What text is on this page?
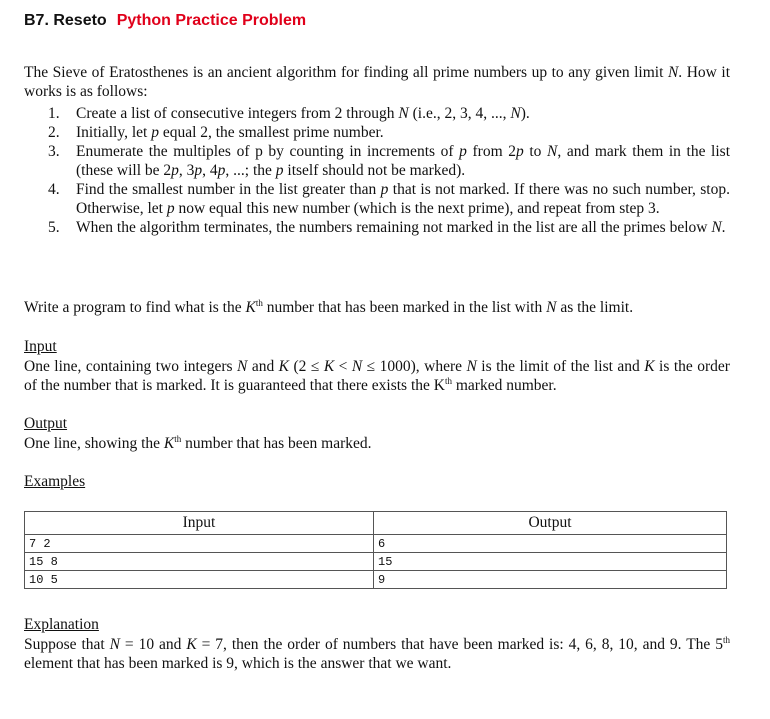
B7. Reseto Python Practice Problem
The Sieve of Eratosthenes is an ancient algorithm for finding all prime numbers up to any given limit N. How it works is as follows:
1. Create a list of consecutive integers from 2 through N (i.e., 2, 3, 4, ..., N).
2. Initially, let p equal 2, the smallest prime number.
3. Enumerate the multiples of p by counting in increments of p from 2p to N, and mark them in the list (these will be 2p, 3p, 4p, ...; the p itself should not be marked).
4. Find the smallest number in the list greater than p that is not marked. If there was no such number, stop. Otherwise, let p now equal this new number (which is the next prime), and repeat from step 3.
5. When the algorithm terminates, the numbers remaining not marked in the list are all the primes below N.
Write a program to find what is the $K^{th}$ number that has been marked in the list with N as the limit.
Input
One line, containing two integers N and K (2 ≤ K < N ≤ 1000), where N is the limit of the list and K is the order of the number that is marked. It is guaranteed that there exists the $K^{th}$ marked number.
Output
One line, showing the $K^{th}$ number that has been marked.
Examples
Input	Output
7 2	6
15 8	15
10 5	9
Explanation
Suppose that N = 10 and K = 7, then the order of numbers that have been marked is: 4, 6, 8, 10, and 9. The 5th element that has been marked is 9, which is the answer that we want.
